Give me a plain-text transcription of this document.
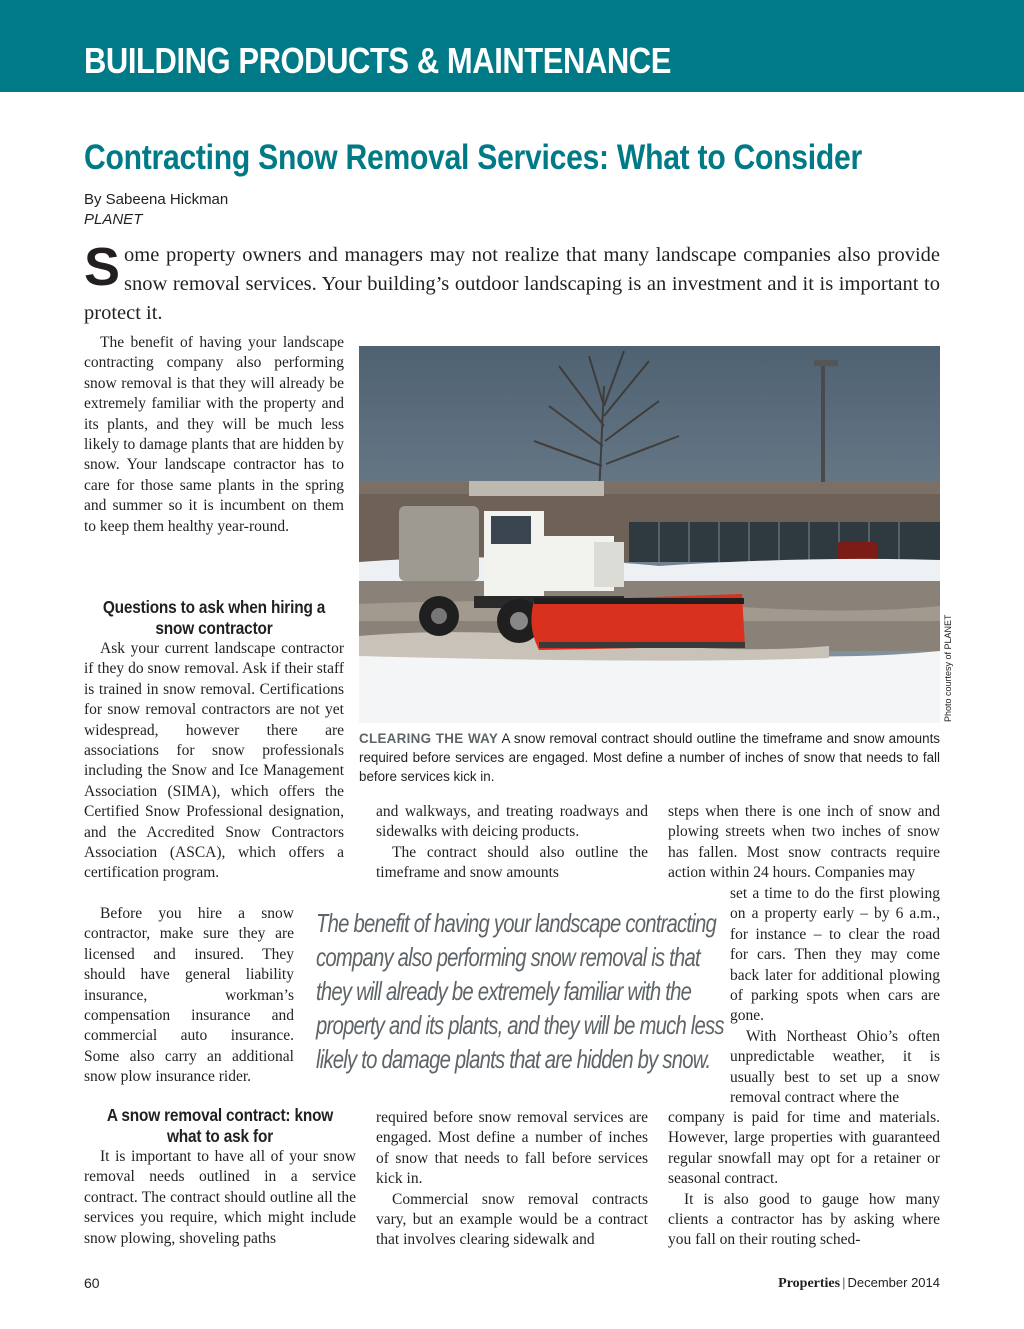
BUILDING PRODUCTS & MAINTENANCE
Contracting Snow Removal Services: What to Consider
By Sabeena Hickman
PLANET
Some property owners and managers may not realize that many landscape companies also provide snow removal services. Your building’s outdoor landscaping is an investment and it is important to protect it.

The benefit of having your landscape contracting company also performing snow removal is that they will already be extremely familiar with the property and its plants, and they will be much less likely to damage plants that are hidden by snow. Your landscape contractor has to care for those same plants in the spring and summer so it is incumbent on them to keep them healthy year-round.

Questions to ask when hiring a snow contractor

Ask your current landscape contractor if they do snow removal. Ask if their staff is trained in snow removal. Certifications for snow removal contractors are not yet widespread, however there are associations for snow professionals including the Snow and Ice Management Association (SIMA), which offers the Certified Snow Professional designation, and the Accredited Snow Contractors Association (ASCA), which offers a certification program.

Before you hire a snow contractor, make sure they are licensed and insured. They should have general liability insurance, workman’s compensation insurance and commercial auto insurance. Some also carry an additional snow plow insurance rider.

A snow removal contract: know what to ask for

It is important to have all of your snow removal needs outlined in a service contract. The contract should outline all the services you require, which might include snow plowing, shoveling paths

Photo courtesy of PLANET
CLEARING THE WAY A snow removal contract should outline the timeframe and snow amounts required before services are engaged. Most define a number of inches of snow that needs to fall before services kick in.

and walkways, and treating roadways and sidewalks with deicing products.

The contract should also outline the timeframe and snow amounts

The benefit of having your landscape contracting
company also performing snow removal is that
they will already be extremely familiar with the
property and its plants, and they will be much less
likely to damage plants that are hidden by snow.

required before snow removal services are engaged. Most define a number of inches of snow that needs to fall before services kick in.

Commercial snow removal contracts vary, but an example would be a contract that involves clearing sidewalk and

steps when there is one inch of snow and plowing streets when two inches of snow has fallen. Most snow contracts require action within 24 hours. Companies may

set a time to do the first plowing on a property early – by 6 a.m., for instance – to clear the road for cars. Then they may come back later for additional plowing of parking spots when cars are gone.

With Northeast Ohio’s often unpredictable weather, it is usually best to set up a snow removal contract where the

company is paid for time and materials. However, large properties with guaranteed regular snowfall may opt for a retainer or seasonal contract.

It is also good to gauge how many clients a contractor has by asking where you fall on their routing sched-

60	Properties | December 2014
